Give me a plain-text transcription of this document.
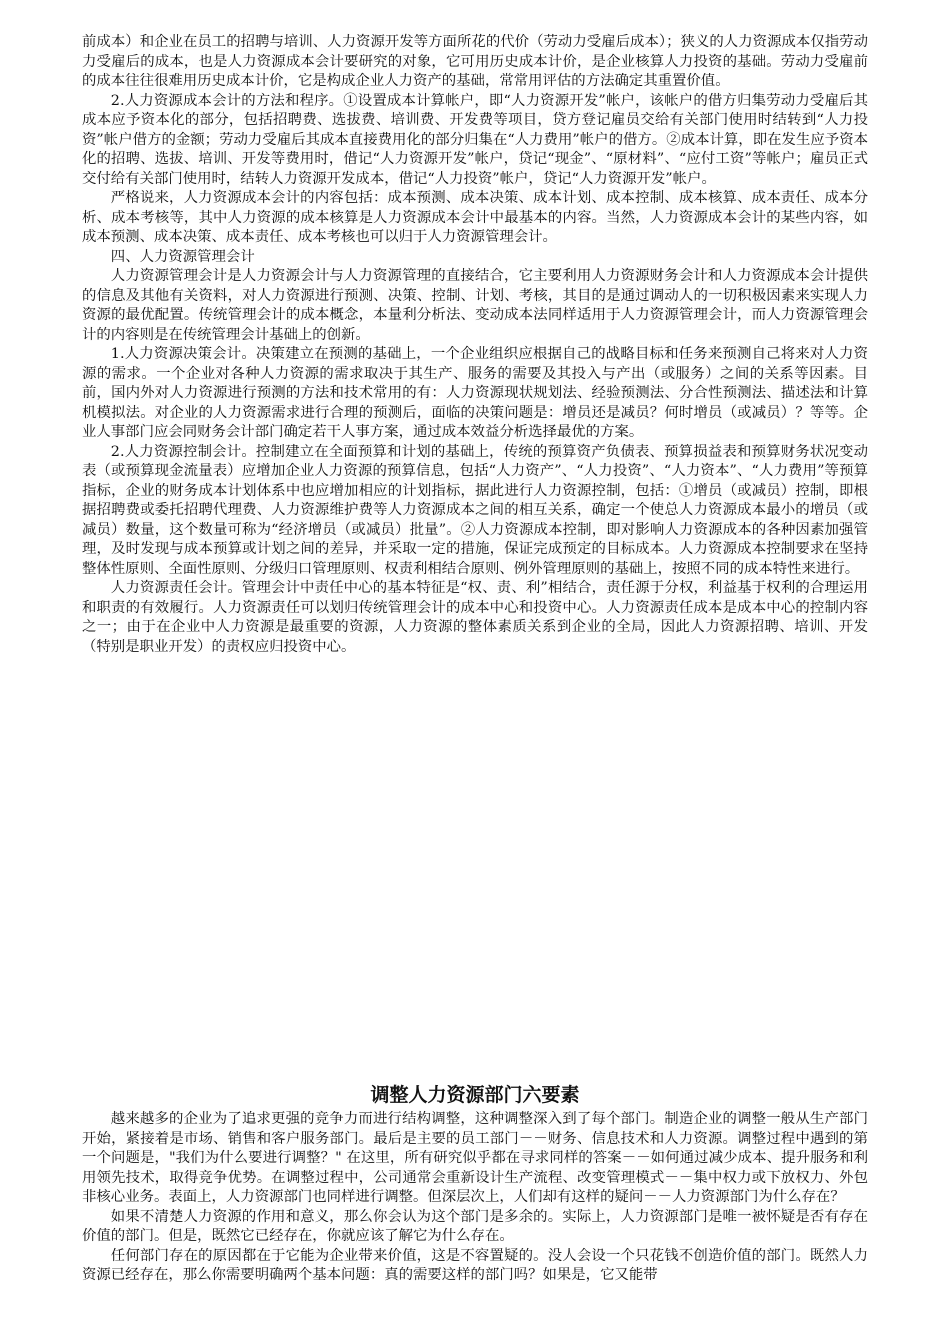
前成本）和企业在员工的招聘与培训、人力资源开发等方面所花的代价（劳动力受雇后成本）；狭义的人力资源成本仅指劳动力受雇后的成本，也是人力资源成本会计要研究的对象，它可用历史成本计价，是企业核算人力投资的基础。劳动力受雇前的成本往往很难用历史成本计价，它是构成企业人力资产的基础，常常用评估的方法确定其重置价值。

2.人力资源成本会计的方法和程序。①设置成本计算帐户，即“人力资源开发”帐户，该帐户的借方归集劳动力受雇后其成本应予资本化的部分，包括招聘费、选拔费、培训费、开发费等项目，贷方登记雇员交给有关部门使用时结转到“人力投资”帐户借方的金额；劳动力受雇后其成本直接费用化的部分归集在“人力费用”帐户的借方。②成本计算，即在发生应予资本化的招聘、选拔、培训、开发等费用时，借记“人力资源开发”帐户，贷记“现金”、“原材料”、“应付工资”等帐户；雇员正式交付给有关部门使用时，结转人力资源开发成本，借记“人力投资”帐户，贷记“人力资源开发”帐户。

严格说来，人力资源成本会计的内容包括：成本预测、成本决策、成本计划、成本控制、成本核算、成本责任、成本分析、成本考核等，其中人力资源的成本核算是人力资源成本会计中最基本的内容。当然，人力资源成本会计的某些内容，如成本预测、成本决策、成本责任、成本考核也可以归于人力资源管理会计。

四、人力资源管理会计

人力资源管理会计是人力资源会计与人力资源管理的直接结合，它主要利用人力资源财务会计和人力资源成本会计提供的信息及其他有关资料，对人力资源进行预测、决策、控制、计划、考核，其目的是通过调动人的一切积极因素来实现人力资源的最优配置。传统管理会计的成本概念，本量利分析法、变动成本法同样适用于人力资源管理会计，而人力资源管理会计的内容则是在传统管理会计基础上的创新。

1.人力资源决策会计。决策建立在预测的基础上，一个企业组织应根据自己的战略目标和任务来预测自己将来对人力资源的需求。一个企业对各种人力资源的需求取决于其生产、服务的需要及其投入与产出（或服务）之间的关系等因素。目前，国内外对人力资源进行预测的方法和技术常用的有：人力资源现状规划法、经验预测法、分合性预测法、描述法和计算机模拟法。对企业的人力资源需求进行合理的预测后，面临的决策问题是：增员还是减员？何时增员（或减员）？等等。企业人事部门应会同财务会计部门确定若干人事方案，通过成本效益分析选择最优的方案。

2.人力资源控制会计。控制建立在全面预算和计划的基础上，传统的预算资产负债表、预算损益表和预算财务状况变动表（或预算现金流量表）应增加企业人力资源的预算信息，包括“人力资产”、“人力投资”、“人力资本”、“人力费用”等预算指标，企业的财务成本计划体系中也应增加相应的计划指标，据此进行人力资源控制，包括：①增员（或减员）控制，即根据招聘费或委托招聘代理费、人力资源维护费等人力资源成本之间的相互关系，确定一个使总人力资源成本最小的增员（或减员）数量，这个数量可称为“经济增员（或减员）批量”。②人力资源成本控制，即对影响人力资源成本的各种因素加强管理，及时发现与成本预算或计划之间的差异，并采取一定的措施，保证完成预定的目标成本。人力资源成本控制要求在坚持整体性原则、全面性原则、分级归口管理原则、权责利相结合原则、例外管理原则的基础上，按照不同的成本特性来进行。

人力资源责任会计。管理会计中责任中心的基本特征是“权、责、利”相结合，责任源于分权，利益基于权利的合理运用和职责的有效履行。人力资源责任可以划归传统管理会计的成本中心和投资中心。人力资源责任成本是成本中心的控制内容之一；由于在企业中人力资源是最重要的资源，人力资源的整体素质关系到企业的全局，因此人力资源招聘、培训、开发（特别是职业开发）的责权应归投资中心。

调整人力资源部门六要素

越来越多的企业为了追求更强的竞争力而进行结构调整，这种调整深入到了每个部门。制造企业的调整一般从生产部门开始，紧接着是市场、销售和客户服务部门。最后是主要的员工部门－－财务、信息技术和人力资源。调整过程中遇到的第一个问题是，"我们为什么要进行调整？" 在这里，所有研究似乎都在寻求同样的答案－－如何通过减少成本、提升服务和利用领先技术，取得竞争优势。在调整过程中，公司通常会重新设计生产流程、改变管理模式－－集中权力或下放权力、外包非核心业务。表面上，人力资源部门也同样进行调整。但深层次上，人们却有这样的疑问－－人力资源部门为什么存在？

如果不清楚人力资源的作用和意义，那么你会认为这个部门是多余的。实际上，人力资源部门是唯一被怀疑是否有存在价值的部门。但是，既然它已经存在，你就应该了解它为什么存在。

任何部门存在的原因都在于它能为企业带来价值，这是不容置疑的。没人会设一个只花钱不创造价值的部门。既然人力资源已经存在，那么你需要明确两个基本问题：真的需要这样的部门吗？如果是，它又能带
